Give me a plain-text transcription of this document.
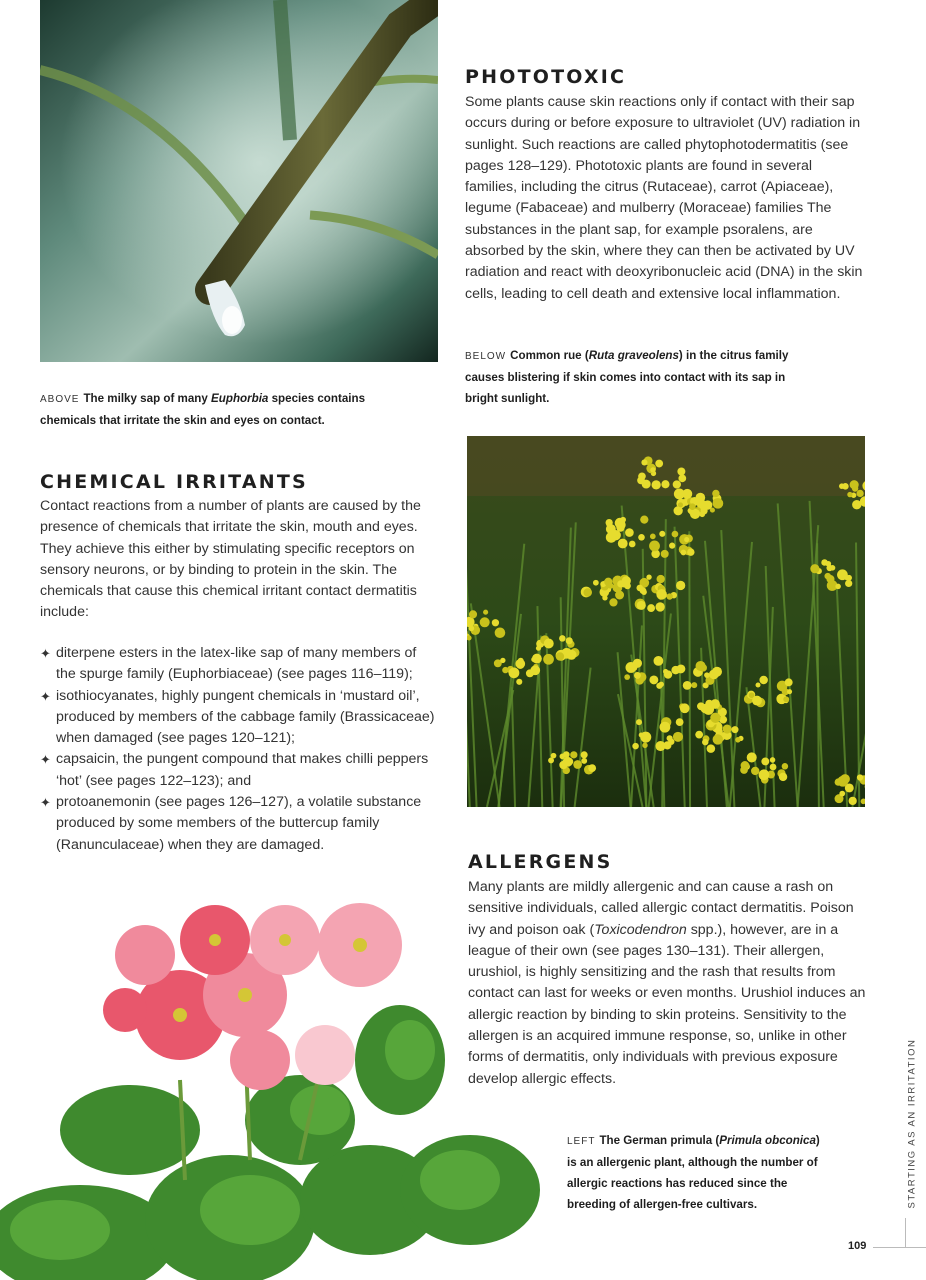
PHOTOTOXIC

Some plants cause skin reactions only if contact with their sap occurs during or before exposure to ultraviolet (UV) radiation in sunlight. Such reactions are called phytophotodermatitis (see pages 128–129). Phototoxic plants are found in several families, including the citrus (Rutaceae), carrot (Apiaceae), legume (Fabaceae) and mulberry (Moraceae) families The substances in the plant sap, for example psoralens, are absorbed by the skin, where they can then be activated by UV radiation and react with deoxyribonucleic acid (DNA) in the skin cells, leading to cell death and extensive local inflammation.

ABOVE The milky sap of many Euphorbia species contains chemicals that irritate the skin and eyes on contact.
BELOW Common rue (Ruta graveolens) in the citrus family causes blistering if skin comes into contact with its sap in bright sunlight.
CHEMICAL IRRITANTS

Contact reactions from a number of plants are caused by the presence of chemicals that irritate the skin, mouth and eyes. They achieve this either by stimulating specific receptors on sensory neurons, or by binding to protein in the skin. The chemicals that cause this chemical irritant contact dermatitis include:

✦ diterpene esters in the latex-like sap of many members of the spurge family (Euphorbiaceae) (see pages 116–119);
✦ isothiocyanates, highly pungent chemicals in ‘mustard oil’, produced by members of the cabbage family (Brassicaceae) when damaged (see pages 120–121);
✦ capsaicin, the pungent compound that makes chilli peppers ‘hot’ (see pages 122–123); and
✦ protoanemonin (see pages 126–127), a volatile substance produced by some members of the buttercup family (Ranunculaceae) when they are damaged.
ALLERGENS

Many plants are mildly allergenic and can cause a rash on sensitive individuals, called allergic contact dermatitis. Poison ivy and poison oak (Toxicodendron spp.), however, are in a league of their own (see pages 130–131). Their allergen, urushiol, is highly sensitizing and the rash that results from contact can last for weeks or even months. Urushiol induces an allergic reaction by binding to skin proteins. Sensitivity to the allergen is an acquired immune response, so, unlike in other forms of dermatitis, only individuals with previous exposure develop allergic effects.

LEFT The German primula (Primula obconica) is an allergenic plant, although the number of allergic reactions has reduced since the breeding of allergen-free cultivars.	STARTING AS AN IRRITATION
109
